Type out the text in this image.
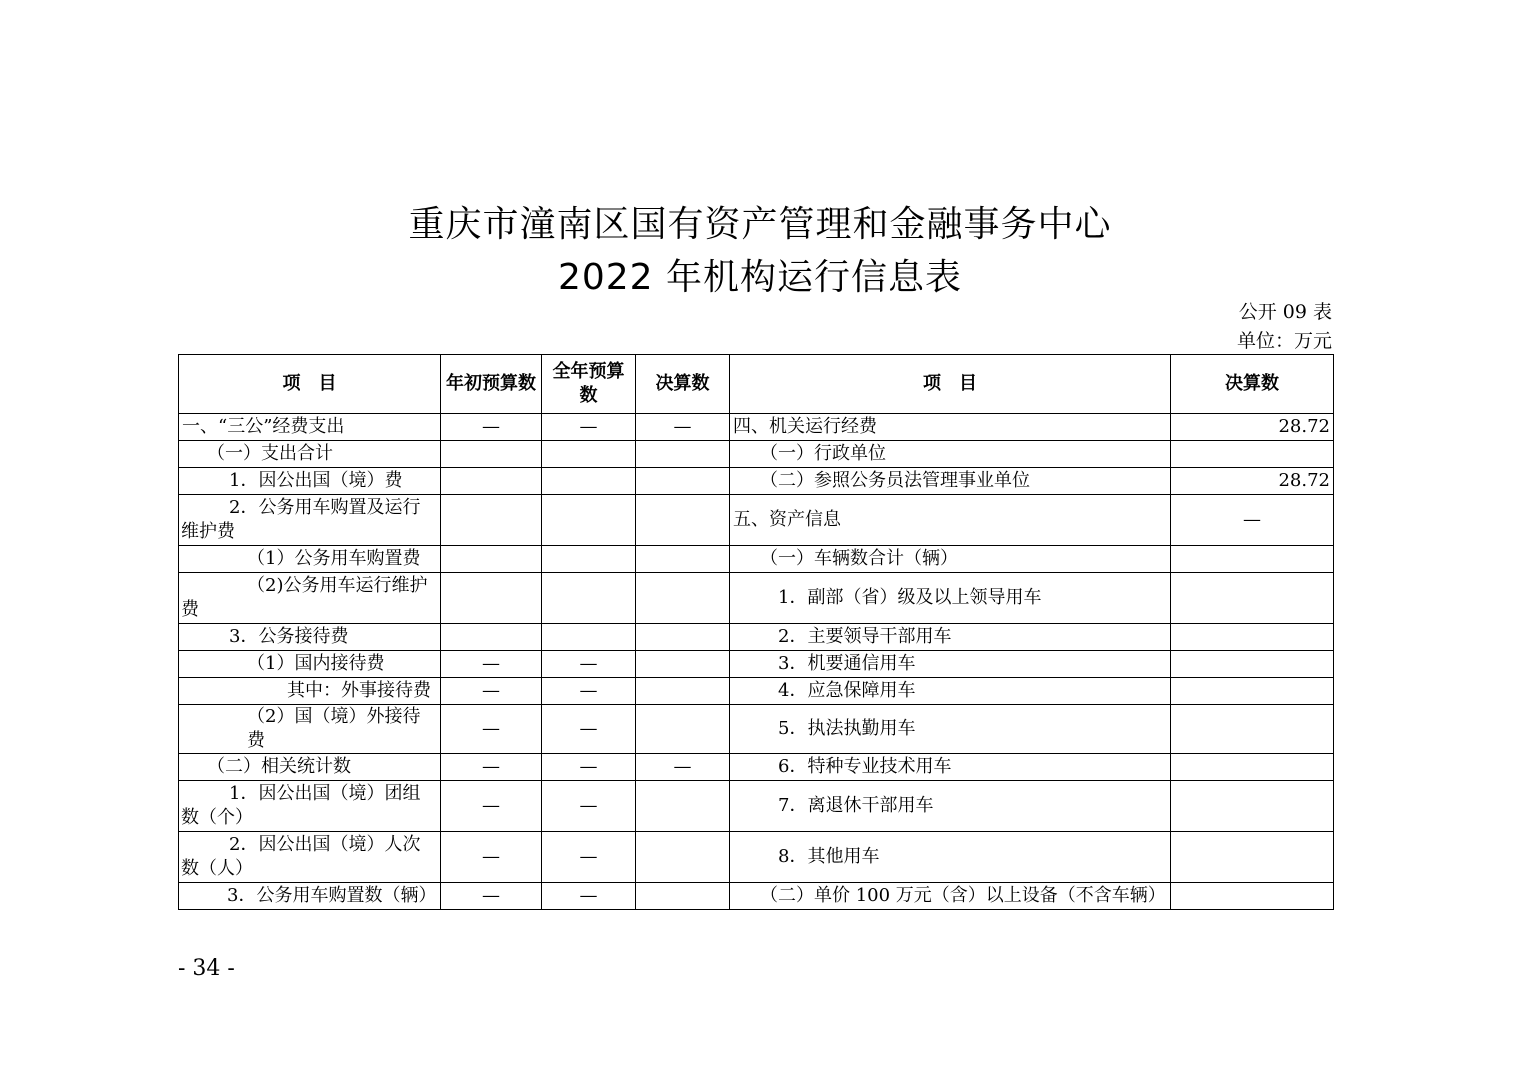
重庆市潼南区国有资产管理和金融事务中心
2022 年机构运行信息表
公开 09 表
单位：万元
项　目	年初预算数	全年预算数	决算数	项　目	决算数
一、“三公”经费支出	—	—	—	四、机关运行经费	28.72
（一）支出合计				（一）行政单位	
1．因公出国（境）费				（二）参照公务员法管理事业单位	28.72

2．公务用车购置及运行
维护费				五、资产信息	—
（1）公务用车购置费				（一）车辆数合计（辆）	

（2)公务用车运行维护
费				1．副部（省）级及以上领导用车	
3．公务接待费				2．主要领导干部用车	
（1）国内接待费	—	—		3．机要通信用车	
其中：外事接待费	—	—		4．应急保障用车	
（2）国（境）外接待费	—	—		5．执法执勤用车	
（二）相关统计数	—	—	—	6．特种专业技术用车	

1．因公出国（境）团组
数（个）	—	—		7．离退休干部用车	

2．因公出国（境）人次
数（人）	—	—		8．其他用车	
3．公务用车购置数（辆）	—	—		（二）单价 100 万元（含）以上设备（不含车辆）	
- 34 -
